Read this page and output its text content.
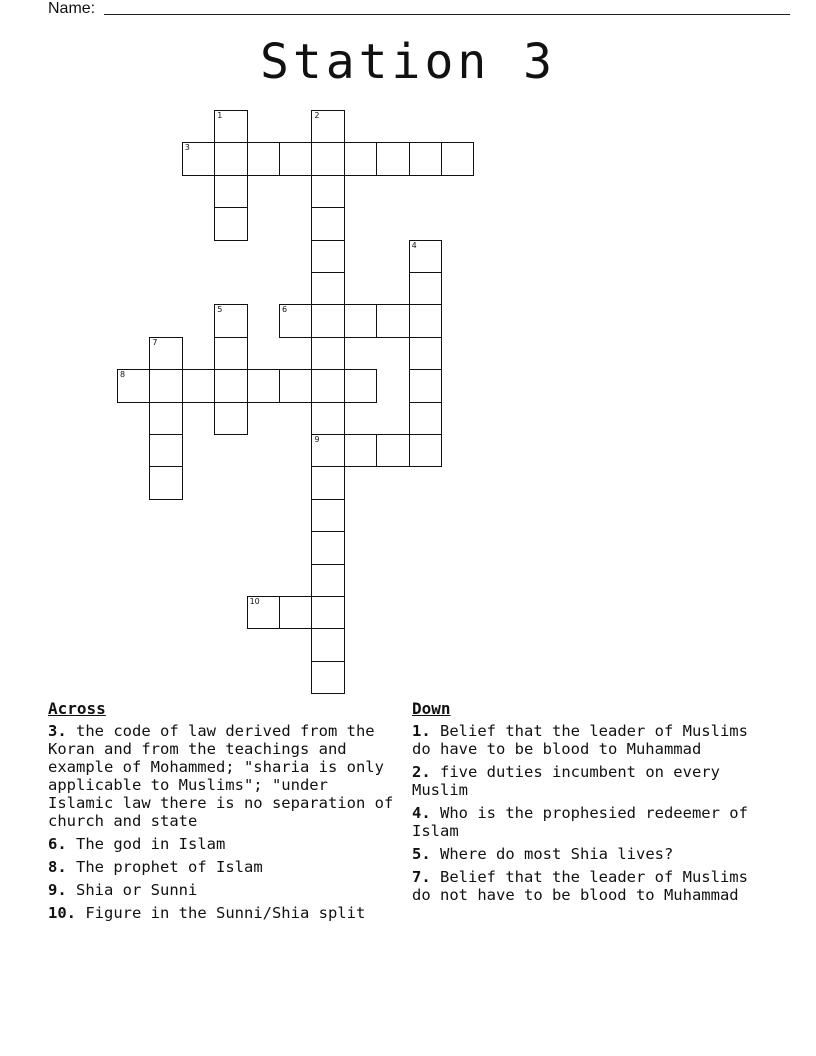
Name:
Station 3
1	2
9
3
4
5	6
7
8
10
Across
3. the code of law derived from the Koran and from the teachings and example of Mohammed; "sharia is only applicable to Muslims"; "under Islamic law there is no separation of church and state
6. The god in Islam
8. The prophet of Islam
9. Shia or Sunni
10. Figure in the Sunni/Shia split
Down
1. Belief that the leader of Muslims do have to be blood to Muhammad
2. five duties incumbent on every Muslim
4. Who is the prophesied redeemer of Islam
5. Where do most Shia lives?
7. Belief that the leader of Muslims do not have to be blood to Muhammad
